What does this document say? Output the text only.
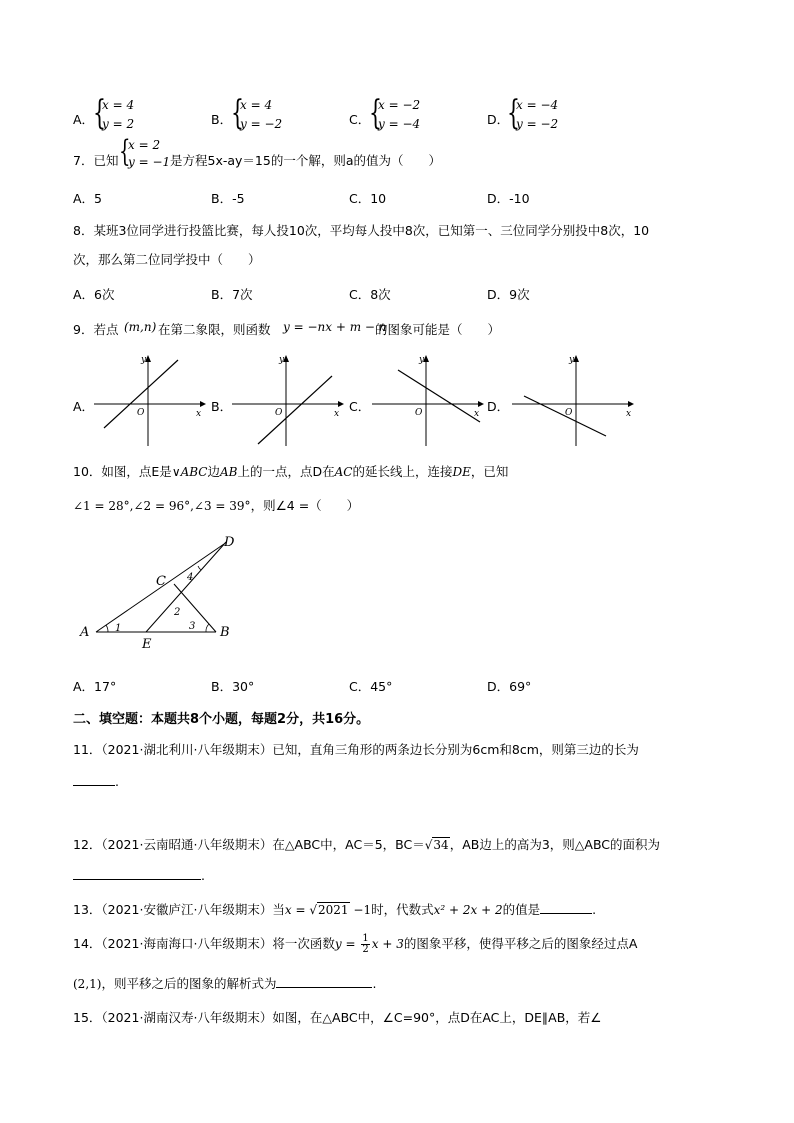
A．
{
x = 4
y = 2	B．
{
x = 4
y = −2	C．
{
x = −2
y = −4	D．
{
x = −4
y = −2
7．已知 {
x = 2
y = −1 是方程5x-ay＝15的一个解，则a的值为（　　）
A．5	B．-5	C．10	D．-10
8．某班3位同学进行投篮比赛，每人投10次，平均每人投中8次，已知第一、三位同学分别投中8次，10
次，那么第二位同学投中（　　）
A．6次	B．7次	C．8次	D．9次
9．若点 (m,n) 在第二象限，则函数 y = −nx + m − n
的图象可能是（　　）
A．	B．	C．	D．
y
x
O
y
x
O
y
x
O
y
x
O
10．如图，点E是∨ABC边AB上的一点，点D在AC的延长线上，连接DE，已知
∠1 = 28°,∠2 = 96°,∠3 = 39°，则∠4 =（　　）
A	B
C
D
E
1
2
3
4
A．17°	B．30°	C．45°	D．69°
二、填空题：本题共8个小题，每题2分，共16分。
11．（2021·湖北利川·八年级期末）已知，直角三角形的两条边长分别为6cm和8cm，则第三边的长为
.
12．（2021·云南昭通·八年级期末）在△ABC中，AC＝5，BC＝√34，AB边上的高为3，则△ABC的面积为
.
13．（2021·安徽庐江·八年级期末）当x = √2021 −1时，代数式x² + 2x + 2的值是	.
14．（2021·海南海口·八年级期末）将一次函数$y = \frac{1}{2}$ x + 3的图象平移，使得平移之后的图象经过点A
(2,1)，则平移之后的图象的解析式为	.
15．（2021·湖南汉寿·八年级期末）如图，在△ABC中，∠C=90°，点D在AC上，DE∥AB，若∠
